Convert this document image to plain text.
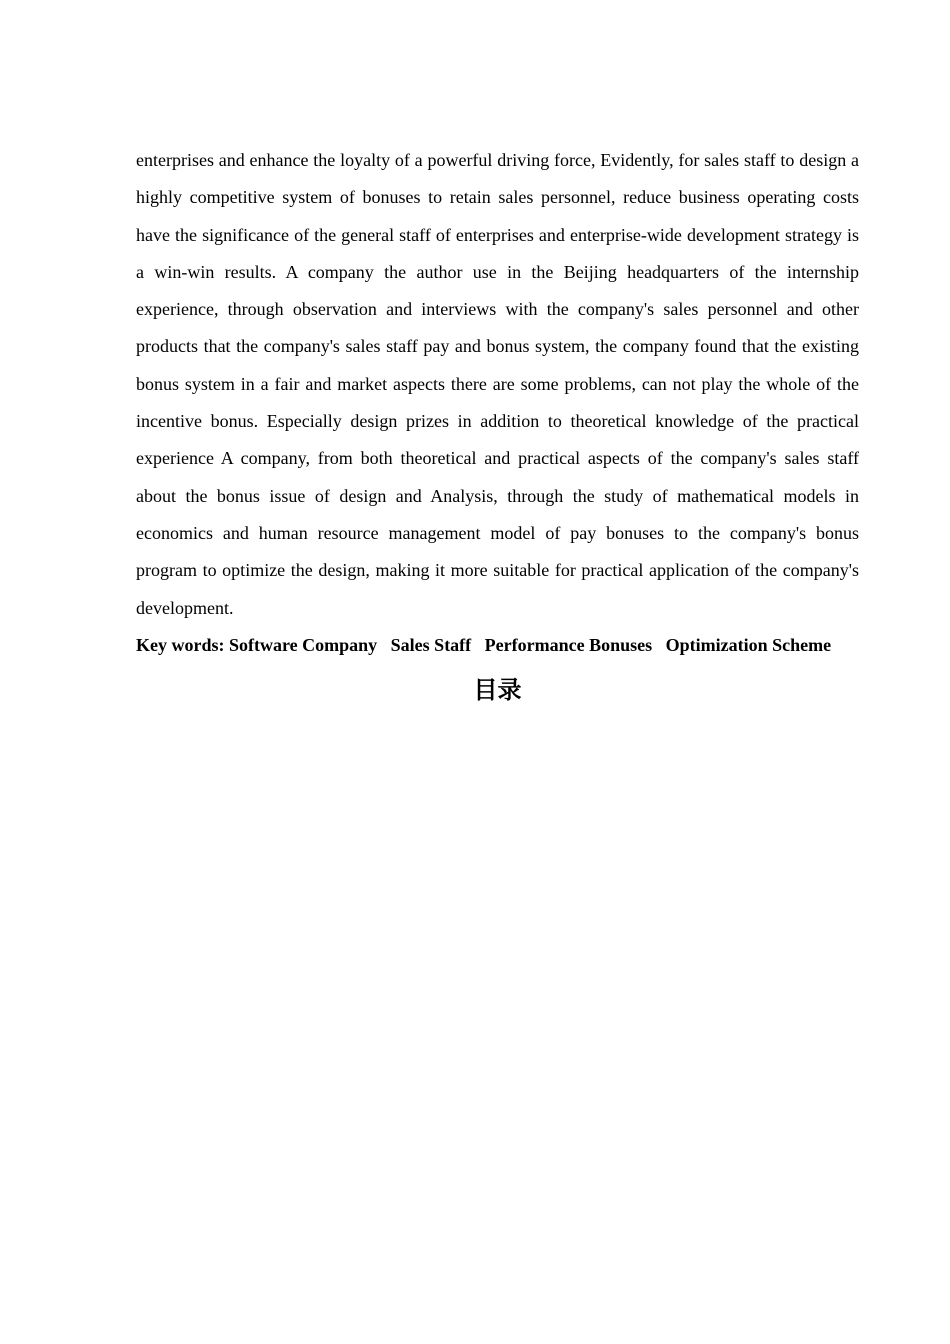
enterprises and enhance the loyalty of a powerful driving force, Evidently, for sales staff to design a highly competitive system of bonuses to retain sales personnel, reduce business operating costs have the significance of the general staff of enterprises and enterprise-wide development strategy is a win-win results. A company the author use in the Beijing headquarters of the internship experience, through observation and interviews with the company's sales personnel and other products that the company's sales staff pay and bonus system, the company found that the existing bonus system in a fair and market aspects there are some problems, can not play the whole of the incentive bonus. Especially design prizes in addition to theoretical knowledge of the practical experience A company, from both theoretical and practical aspects of the company's sales staff about the bonus issue of design and Analysis, through the study of mathematical models in economics and human resource management model of pay bonuses to the company's bonus program to optimize the design, making it more suitable for practical application of the company's development.

Key words: Software Company Sales Staff Performance Bonuses Optimization Scheme

目录
